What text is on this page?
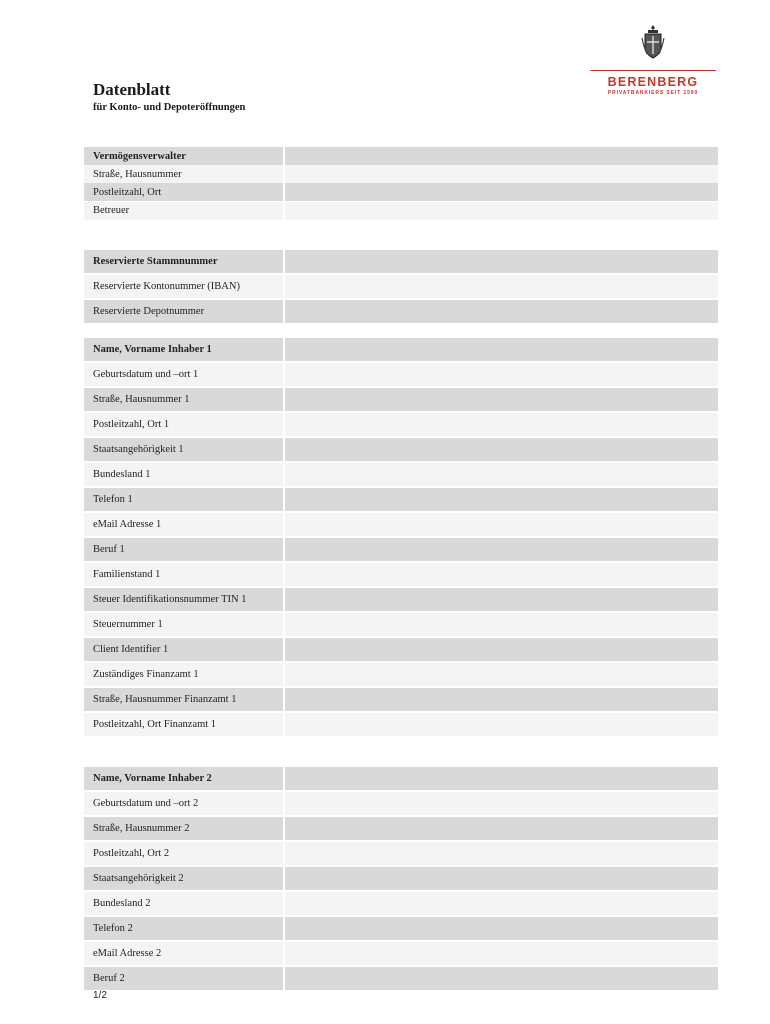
BERENBERG
PRIVATBANKIERS SEIT 1590
Datenblatt
für Konto- und Depoteröffnungen
Vermögensverwalter
Straße, Hausnummer
Postleitzahl, Ort
Betreuer
Reservierte Stammnummer
Reservierte Kontonummer (IBAN)
Reservierte Depotnummer
Name, Vorname Inhaber 1
Geburtsdatum und –ort 1
Straße, Hausnummer 1
Postleitzahl, Ort 1
Staatsangehörigkeit 1
Bundesland 1
Telefon 1
eMail Adresse 1
Beruf 1
Familienstand 1
Steuer Identifikationsnummer TIN 1
Steuernummer 1
Client Identifier 1
Zuständiges Finanzamt 1
Straße, Hausnummer Finanzamt 1
Postleitzahl, Ort Finanzamt 1
Name, Vorname Inhaber 2
Geburtsdatum und –ort 2
Straße, Hausnummer 2
Postleitzahl, Ort 2
Staatsangehörigkeit 2
Bundesland 2
Telefon 2
eMail Adresse 2
Beruf 2
1/2
